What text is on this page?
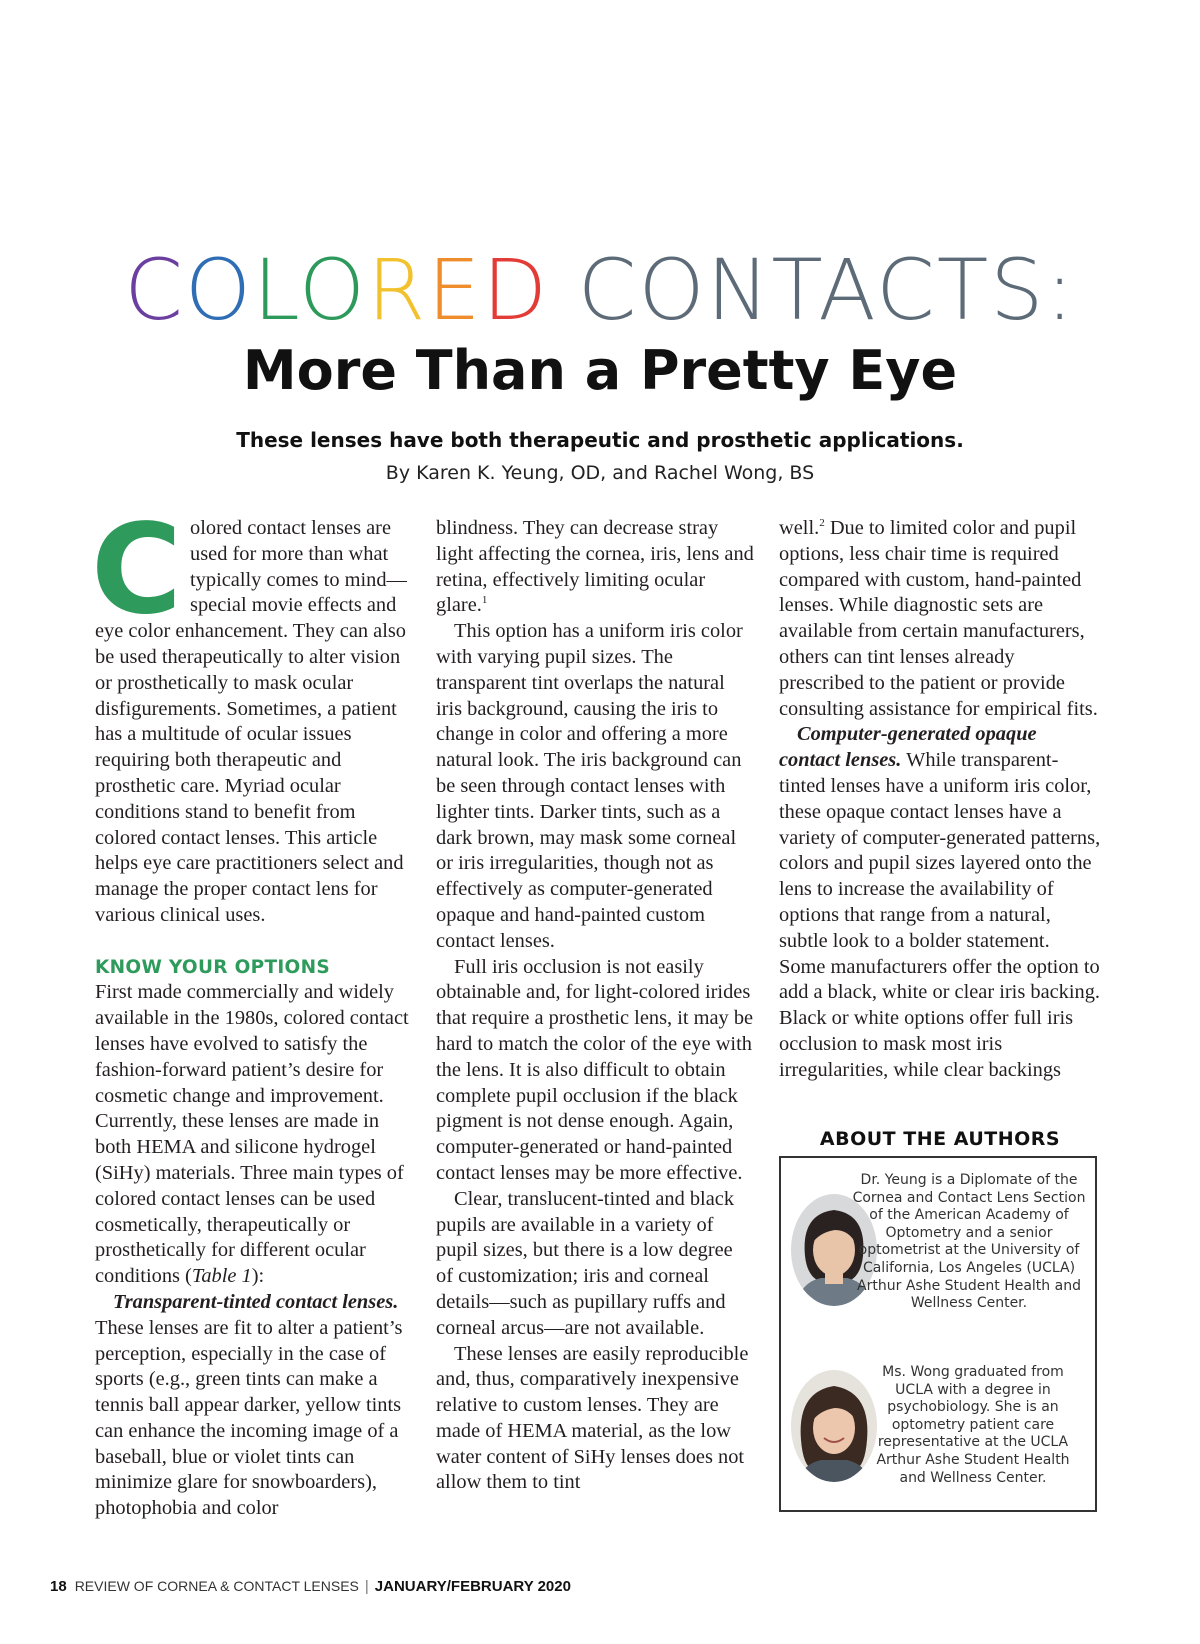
COLORED CONTACTS:
More Than a Pretty Eye
These lenses have both therapeutic and prosthetic applications.
By Karen K. Yeung, OD, and Rachel Wong, BS

C olored contact lenses are used for more than what typically comes to mind—special movie effects and eye color enhancement. They can also be used therapeutically to alter vision or prosthetically to mask ocular disfigurements. Sometimes, a patient has a multitude of ocular issues requiring both therapeutic and prosthetic care. Myriad ocular conditions stand to benefit from colored contact lenses. This article helps eye care practitioners select and manage the proper contact lens for various clinical uses.

KNOW YOUR OPTIONS

First made commercially and widely available in the 1980s, colored contact lenses have evolved to satisfy the fashion-forward patient’s desire for cosmetic change and improvement. Currently, these lenses are made in both HEMA and silicone hydrogel (SiHy) materials. Three main types of colored contact lenses can be used cosmetically, therapeutically or prosthetically for different ocular conditions (Table 1):

Transparent-tinted contact lenses. These lenses are fit to alter a patient’s perception, especially in the case of sports (e.g., green tints can make a tennis ball appear darker, yellow tints can enhance the incoming image of a baseball, blue or violet tints can minimize glare for snowboarders), photophobia and color

blindness. They can decrease stray light affecting the cornea, iris, lens and retina, effectively limiting ocular glare.$^1$

This option has a uniform iris color with varying pupil sizes. The transparent tint overlaps the natural iris background, causing the iris to change in color and offering a more natural look. The iris background can be seen through contact lenses with lighter tints. Darker tints, such as a dark brown, may mask some corneal or iris irregularities, though not as effectively as computer-generated opaque and hand-painted custom contact lenses.

Full iris occlusion is not easily obtainable and, for light-colored irides that require a prosthetic lens, it may be hard to match the color of the eye with the lens. It is also difficult to obtain complete pupil occlusion if the black pigment is not dense enough. Again, computer-generated or hand-painted contact lenses may be more effective.

Clear, translucent-tinted and black pupils are available in a variety of pupil sizes, but there is a low degree of customization; iris and corneal details—such as pupillary ruffs and corneal arcus—are not available.

These lenses are easily reproducible and, thus, comparatively inexpensive relative to custom lenses. They are made of HEMA material, as the low water content of SiHy lenses does not allow them to tint

well.$^2$ Due to limited color and pupil options, less chair time is required compared with custom, hand-painted lenses. While diagnostic sets are available from certain manufacturers, others can tint lenses already prescribed to the patient or provide consulting assistance for empirical fits.

Computer-generated opaque contact lenses. While transparent-tinted lenses have a uniform iris color, these opaque contact lenses have a variety of computer-generated patterns, colors and pupil sizes layered onto the lens to increase the availability of options that range from a natural, subtle look to a bolder statement. Some manufacturers offer the option to add a black, white or clear iris backing. Black or white options offer full iris occlusion to mask most iris irregularities, while clear backings

ABOUT THE AUTHORS
Dr. Yeung is a Diplomate of the Cornea and Contact Lens Section of the American Academy of Optometry and a senior optometrist at the University of California, Los Angeles (UCLA) Arthur Ashe Student Health and Wellness Center.
Ms. Wong graduated from UCLA with a degree in psychobiology. She is an optometry patient care representative at the UCLA Arthur Ashe Student Health and Wellness Center.
18 REVIEW OF CORNEA & CONTACT LENSES | JANUARY/FEBRUARY 2020
